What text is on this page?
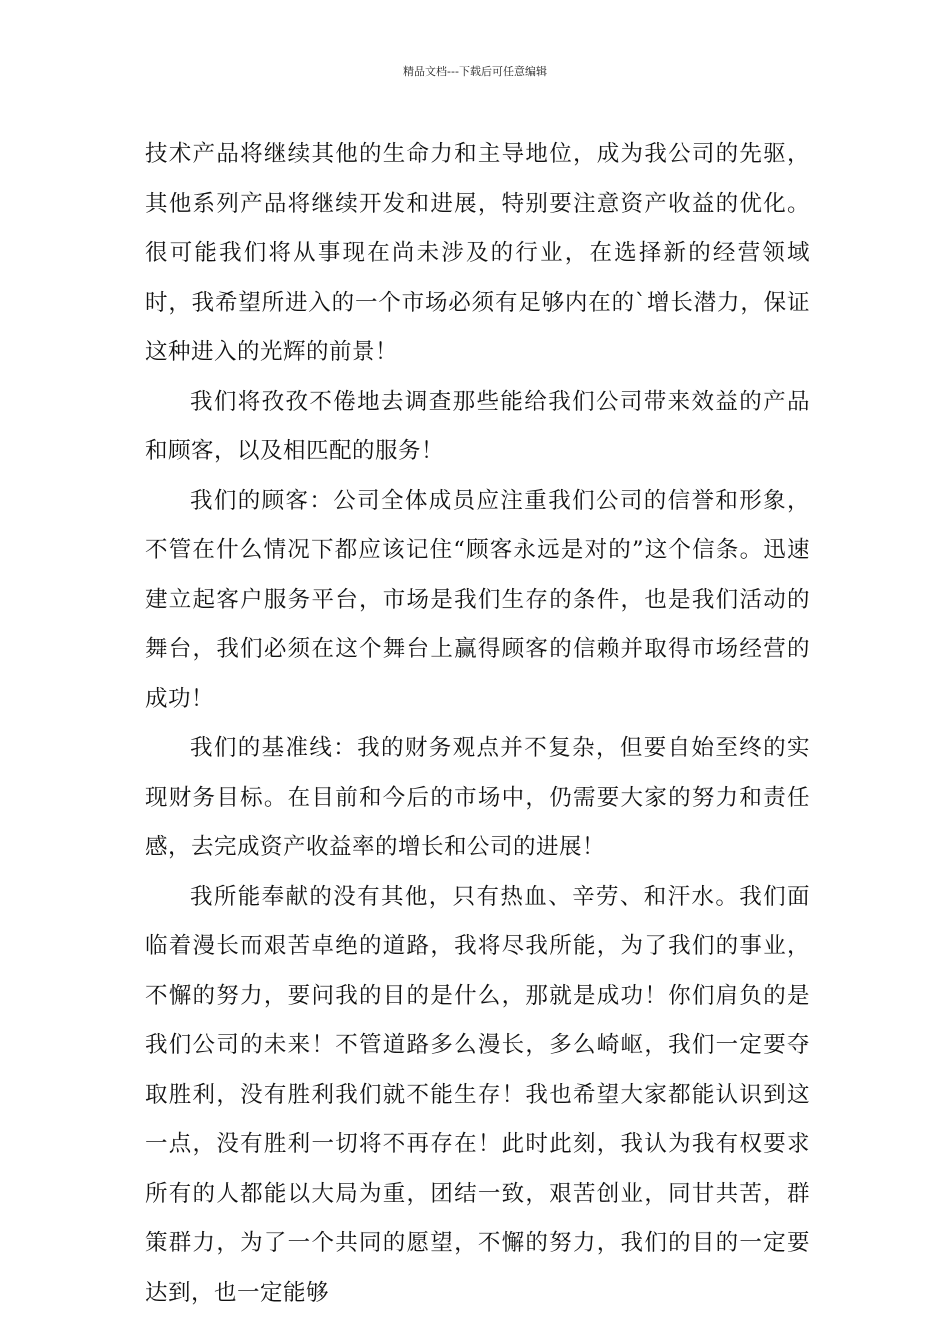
精品文档---下载后可任意编辑

技术产品将继续其他的生命力和主导地位，成为我公司的先驱，其他系列产品将继续开发和进展，特别要注意资产收益的优化。很可能我们将从事现在尚未涉及的行业，在选择新的经营领域时，我希望所进入的一个市场必须有足够内在的`增长潜力，保证这种进入的光辉的前景！

我们将孜孜不倦地去调查那些能给我们公司带来效益的产品和顾客，以及相匹配的服务！

我们的顾客：公司全体成员应注重我们公司的信誉和形象，不管在什么情况下都应该记住“顾客永远是对的”这个信条。迅速建立起客户服务平台，市场是我们生存的条件，也是我们活动的舞台，我们必须在这个舞台上赢得顾客的信赖并取得市场经营的成功！

我们的基准线：我的财务观点并不复杂，但要自始至终的实现财务目标。在目前和今后的市场中，仍需要大家的努力和责任感，去完成资产收益率的增长和公司的进展！

我所能奉献的没有其他，只有热血、辛劳、和汗水。我们面临着漫长而艰苦卓绝的道路，我将尽我所能，为了我们的事业，不懈的努力，要问我的目的是什么，那就是成功！你们肩负的是我们公司的未来！不管道路多么漫长，多么崎岖，我们一定要夺取胜利，没有胜利我们就不能生存！我也希望大家都能认识到这一点，没有胜利一切将不再存在！此时此刻，我认为我有权要求所有的人都能以大局为重，团结一致，艰苦创业，同甘共苦，群策群力，为了一个共同的愿望，不懈的努力，我们的目的一定要达到，也一定能够
